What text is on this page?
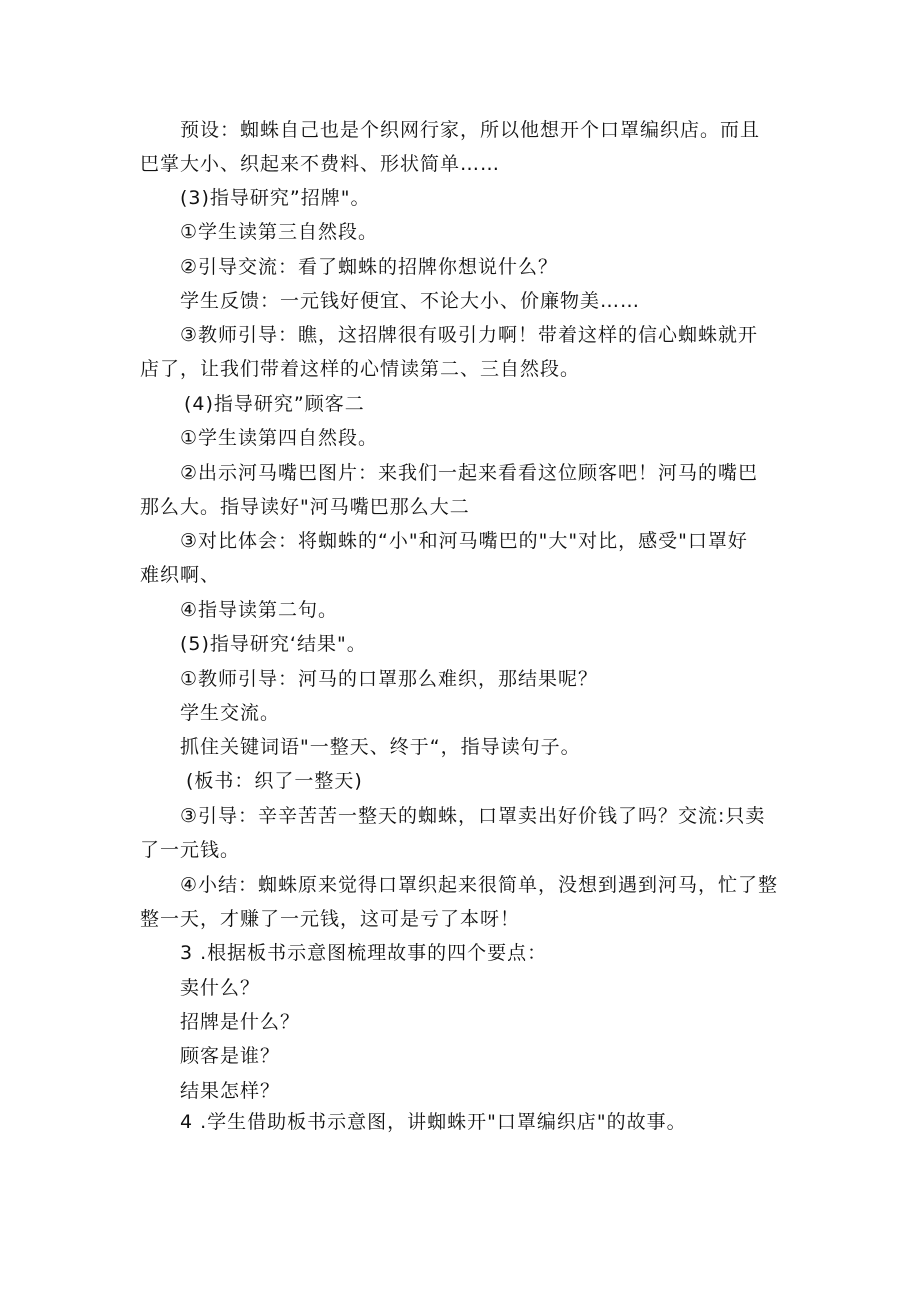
预设：蜘蛛自己也是个织网行家，所以他想开个口罩编织店。而且
巴掌大小、织起来不费料、形状简单……
(3)指导研究”招牌"。
①学生读第三自然段。
②引导交流：看了蜘蛛的招牌你想说什么？
学生反馈：一元钱好便宜、不论大小、价廉物美……
③教师引导：瞧，这招牌很有吸引力啊！带着这样的信心蜘蛛就开
店了，让我们带着这样的心情读第二、三自然段。
(4)指导研究”顾客二
①学生读第四自然段。
②出示河马嘴巴图片：来我们一起来看看这位顾客吧！河马的嘴巴
那么大。指导读好"河马嘴巴那么大二
③对比体会：将蜘蛛的“小"和河马嘴巴的"大"对比，感受"口罩好
难织啊、
④指导读第二句。
(5)指导研究‘结果"。
①教师引导：河马的口罩那么难织，那结果呢？
学生交流。
抓住关键词语"一整天、终于“，指导读句子。
(板书：织了一整天)
③引导：辛辛苦苦一整天的蜘蛛，口罩卖出好价钱了吗？交流:只卖
了一元钱。
④小结：蜘蛛原来觉得口罩织起来很简单，没想到遇到河马，忙了整
整一天，才赚了一元钱，这可是亏了本呀！
3 .根据板书示意图梳理故事的四个要点：
卖什么？
招牌是什么？
顾客是谁？
结果怎样？
4 .学生借助板书示意图，讲蜘蛛开"口罩编织店"的故事。
